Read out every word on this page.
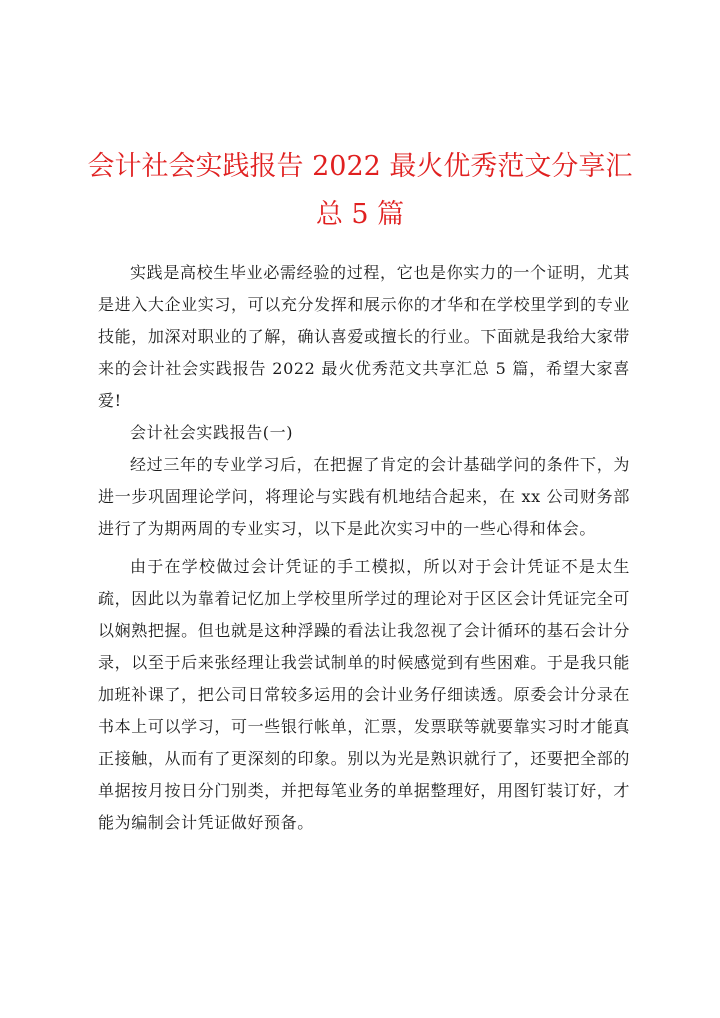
会计社会实践报告 2022 最火优秀范文分享汇
总 5 篇

实践是高校生毕业必需经验的过程，它也是你实力的一个证明，尤其是进入大企业实习，可以充分发挥和展示你的才华和在学校里学到的专业技能，加深对职业的了解，确认喜爱或擅长的行业。下面就是我给大家带来的会计社会实践报告 2022 最火优秀范文共享汇总 5 篇，希望大家喜爱!

会计社会实践报告(一)

经过三年的专业学习后，在把握了肯定的会计基础学问的条件下，为进一步巩固理论学问，将理论与实践有机地结合起来，在 xx 公司财务部进行了为期两周的专业实习，以下是此次实习中的一些心得和体会。

由于在学校做过会计凭证的手工模拟，所以对于会计凭证不是太生疏，因此以为靠着记忆加上学校里所学过的理论对于区区会计凭证完全可以娴熟把握。但也就是这种浮躁的看法让我忽视了会计循环的基石会计分录，以至于后来张经理让我尝试制单的时候感觉到有些困难。于是我只能加班补课了，把公司日常较多运用的会计业务仔细读透。原委会计分录在书本上可以学习，可一些银行帐单，汇票，发票联等就要靠实习时才能真正接触，从而有了更深刻的印象。别以为光是熟识就行了，还要把全部的单据按月按日分门别类，并把每笔业务的单据整理好，用图钉装订好，才能为编制会计凭证做好预备。
